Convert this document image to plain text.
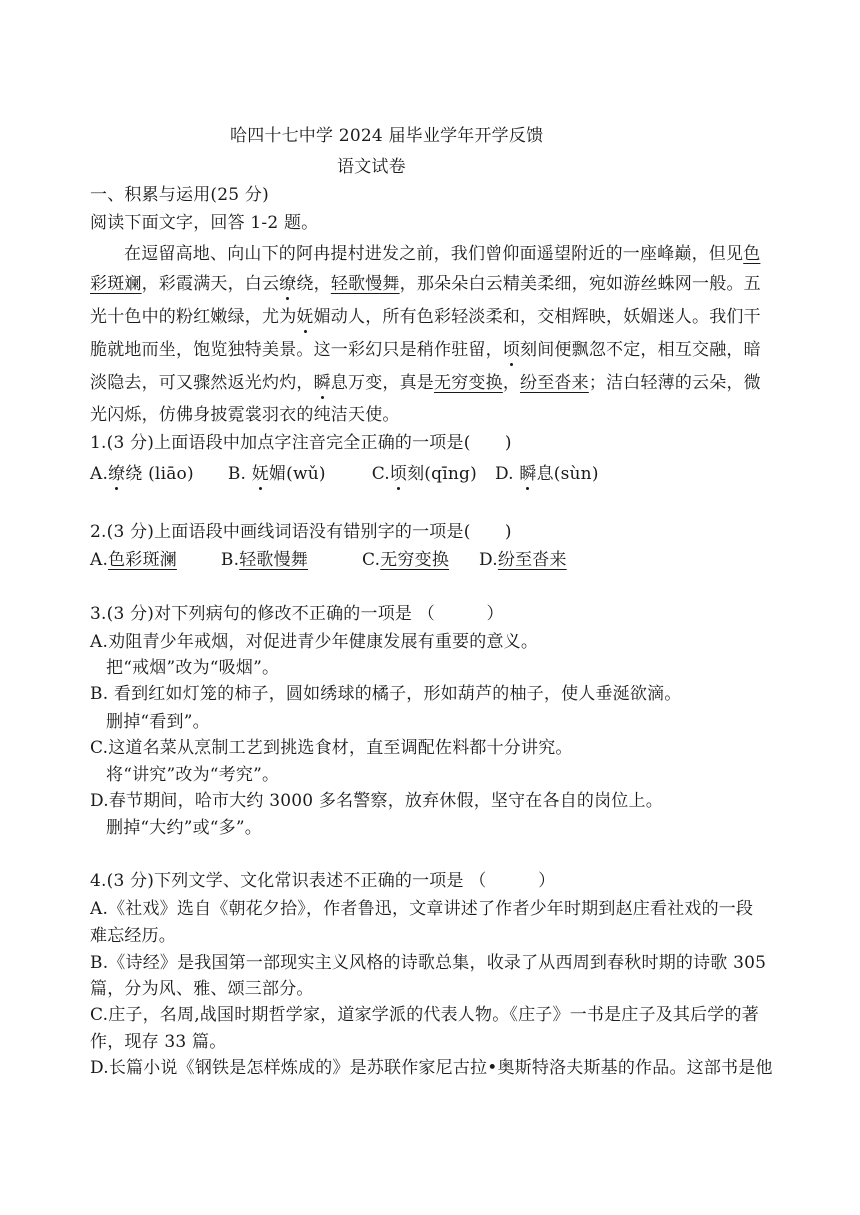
哈四十七中学 2024 届毕业学年开学反馈
语文试卷
一、积累与运用(25 分)
阅读下面文字，回答 1-2 题。
在逗留高地、向山下的阿冉提村进发之前，我们曾仰面遥望附近的一座峰巅，但见色
彩斑斓，彩霞满天，白云缭绕，轻歌慢舞，那朵朵白云精美柔细，宛如游丝蛛网一般。五
光十色中的粉红嫩绿，尤为妩媚动人，所有色彩轻淡柔和，交相辉映，妖媚迷人。我们干
脆就地而坐，饱览独特美景。这一彩幻只是稍作驻留，顷刻间便飘忽不定，相互交融，暗
淡隐去，可又骤然返光灼灼，瞬息万变，真是无穷变换，纷至沓来；洁白轻薄的云朵，微
光闪烁，仿佛身披霓裳羽衣的纯洁天使。
1.(3 分)上面语段中加点字注音完全正确的一项是(　　)
A.缭绕 (liāo) B. 妩媚(wǔ)	C.顷刻(qīng) D. 瞬息(sùn)
2.(3 分)上面语段中画线词语没有错别字的一项是(　　)
A.色彩斑澜	B.轻歌慢舞	C.无穷变换 D.纷至沓来
3.(3 分)对下列病句的修改不正确的一项是 （　　　）
A.劝阻青少年戒烟，对促进青少年健康发展有重要的意义。
把“戒烟”改为“吸烟”。
B. 看到红如灯笼的柿子，圆如绣球的橘子，形如葫芦的柚子，使人垂涎欲滴。
删掉“看到”。
C.这道名菜从烹制工艺到挑选食材，直至调配佐料都十分讲究。
将“讲究”改为“考究”。
D.春节期间，哈市大约 3000 多名警察，放弃休假，坚守在各自的岗位上。
删掉“大约”或“多”。
4.(3 分)下列文学、文化常识表述不正确的一项是 （　　　）
A.《社戏》选自《朝花夕拾》，作者鲁迅，文章讲述了作者少年时期到赵庄看社戏的一段
难忘经历。
B.《诗经》是我国第一部现实主义风格的诗歌总集，收录了从西周到春秋时期的诗歌 305
篇，分为风、雅、颂三部分。
C.庄子，名周,战国时期哲学家，道家学派的代表人物。《庄子》一书是庄子及其后学的著
作，现存 33 篇。
D.长篇小说《钢铁是怎样炼成的》是苏联作家尼古拉•奥斯特洛夫斯基的作品。这部书是他
